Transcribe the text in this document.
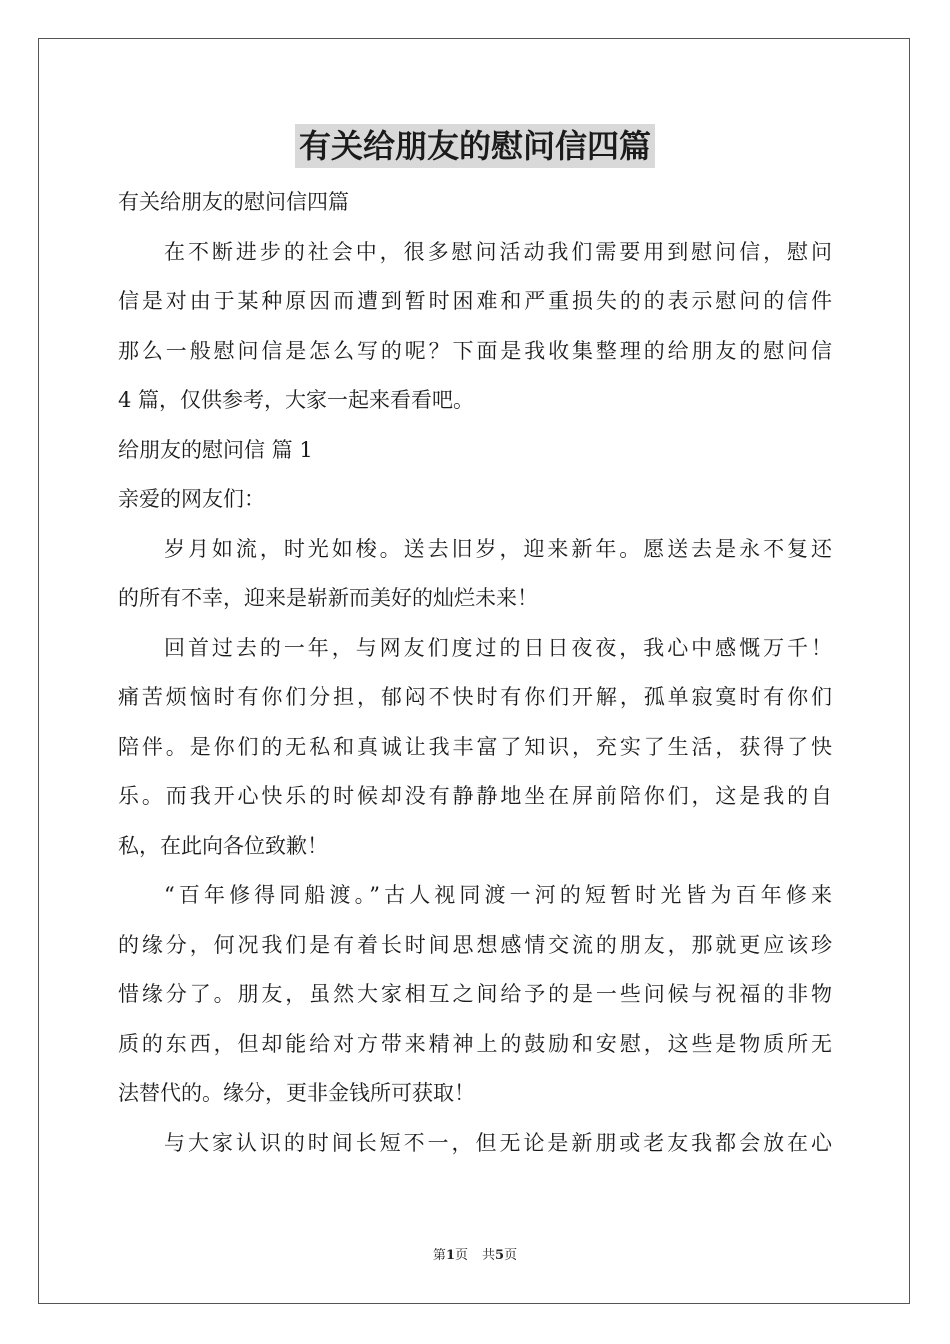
有关给朋友的慰问信四篇
有关给朋友的慰问信四篇
在不断进步的社会中，很多慰问活动我们需要用到慰问信，慰问
信是对由于某种原因而遭到暂时困难和严重损失的的表示慰问的信件
那么一般慰问信是怎么写的呢？下面是我收集整理的给朋友的慰问信
4 篇，仅供参考，大家一起来看看吧。
给朋友的慰问信 篇 1
亲爱的网友们：
岁月如流，时光如梭。送去旧岁，迎来新年。愿送去是永不复还
的所有不幸，迎来是崭新而美好的灿烂未来！
回首过去的一年，与网友们度过的日日夜夜，我心中感慨万千！
痛苦烦恼时有你们分担，郁闷不快时有你们开解，孤单寂寞时有你们
陪伴。是你们的无私和真诚让我丰富了知识，充实了生活，获得了快
乐。而我开心快乐的时候却没有静静地坐在屏前陪你们，这是我的自
私，在此向各位致歉！
“百年修得同船渡。”古人视同渡一河的短暂时光皆为百年修来
的缘分，何况我们是有着长时间思想感情交流的朋友，那就更应该珍
惜缘分了。朋友，虽然大家相互之间给予的是一些问候与祝福的非物
质的东西，但却能给对方带来精神上的鼓励和安慰，这些是物质所无
法替代的。缘分，更非金钱所可获取！
与大家认识的时间长短不一，但无论是新朋或老友我都会放在心
第1页 共5页
